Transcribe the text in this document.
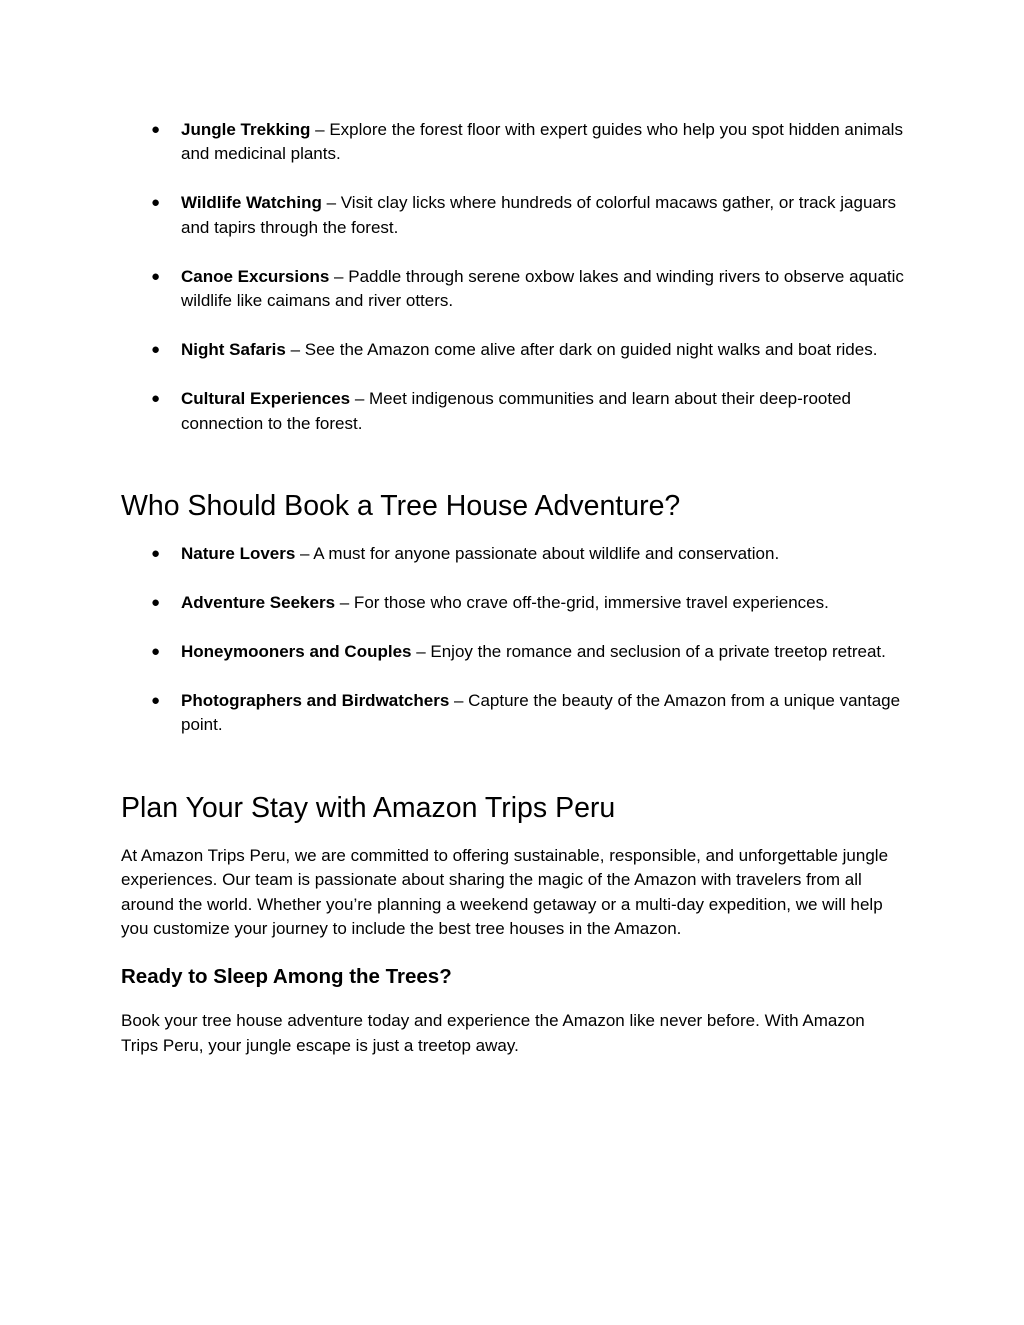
● Jungle Trekking – Explore the forest floor with expert guides who help you spot hidden animals and medicinal plants.
● Wildlife Watching – Visit clay licks where hundreds of colorful macaws gather, or track jaguars and tapirs through the forest.
● Canoe Excursions – Paddle through serene oxbow lakes and winding rivers to observe aquatic wildlife like caimans and river otters.
● Night Safaris – See the Amazon come alive after dark on guided night walks and boat rides.
● Cultural Experiences – Meet indigenous communities and learn about their deep-rooted connection to the forest.
Who Should Book a Tree House Adventure?
● Nature Lovers – A must for anyone passionate about wildlife and conservation.
● Adventure Seekers – For those who crave off-the-grid, immersive travel experiences.
● Honeymooners and Couples – Enjoy the romance and seclusion of a private treetop retreat.
● Photographers and Birdwatchers – Capture the beauty of the Amazon from a unique vantage point.
Plan Your Stay with Amazon Trips Peru

At Amazon Trips Peru, we are committed to offering sustainable, responsible, and unforgettable jungle experiences. Our team is passionate about sharing the magic of the Amazon with travelers from all around the world. Whether you’re planning a weekend getaway or a multi-day expedition, we will help you customize your journey to include the best tree houses in the Amazon.

Ready to Sleep Among the Trees?

Book your tree house adventure today and experience the Amazon like never before. With Amazon Trips Peru, your jungle escape is just a treetop away.
